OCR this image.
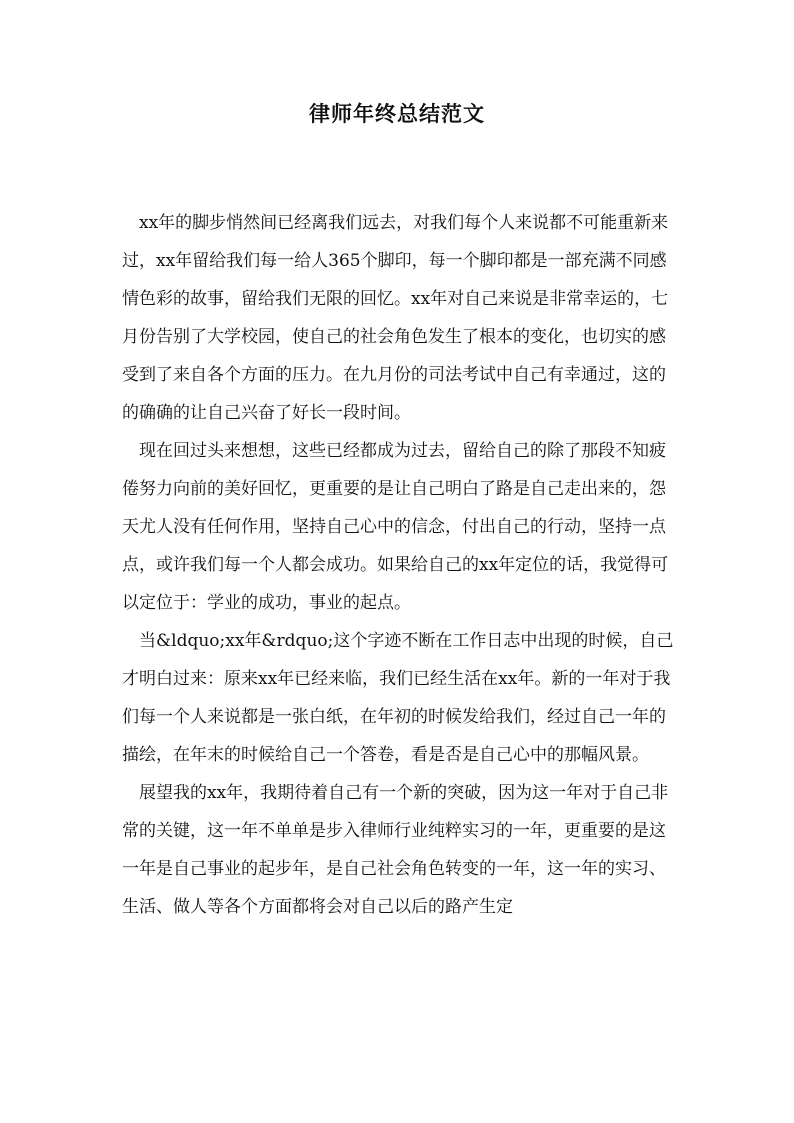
律师年终总结范文

xx年的脚步悄然间已经离我们远去，对我们每个人来说都不可能重新来过，xx年留给我们每一给人365个脚印，每一个脚印都是一部充满不同感情色彩的故事，留给我们无限的回忆。xx年对自己来说是非常幸运的，七月份告别了大学校园，使自己的社会角色发生了根本的变化，也切实的感受到了来自各个方面的压力。在九月份的司法考试中自己有幸通过，这的的确确的让自己兴奋了好长一段时间。

现在回过头来想想，这些已经都成为过去，留给自己的除了那段不知疲倦努力向前的美好回忆，更重要的是让自己明白了路是自己走出来的，怨天尤人没有任何作用，坚持自己心中的信念，付出自己的行动，坚持一点点，或许我们每一个人都会成功。如果给自己的xx年定位的话，我觉得可以定位于：学业的成功，事业的起点。

当&ldquo;xx年&rdquo;这个字迹不断在工作日志中出现的时候，自己才明白过来：原来xx年已经来临，我们已经生活在xx年。新的一年对于我们每一个人来说都是一张白纸，在年初的时候发给我们，经过自己一年的描绘，在年末的时候给自己一个答卷，看是否是自己心中的那幅风景。

展望我的xx年，我期待着自己有一个新的突破，因为这一年对于自己非常的关键，这一年不单单是步入律师行业纯粹实习的一年，更重要的是这一年是自己事业的起步年，是自己社会角色转变的一年，这一年的实习、生活、做人等各个方面都将会对自己以后的路产生定
